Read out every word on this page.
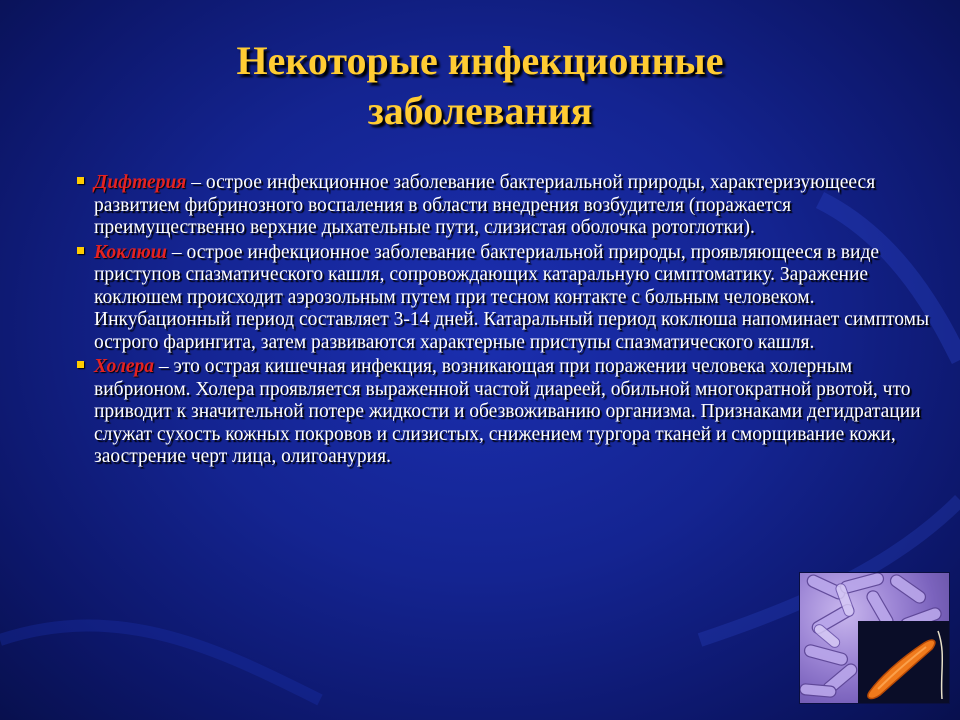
Некоторые инфекционные
заболевания
Дифтерия – острое инфекционное заболевание бактериальной природы, характеризующееся развитием фибринозного воспаления в области внедрения возбудителя (поражается преимущественно верхние дыхательные пути, слизистая оболочка ротоглотки).
Коклюш – острое инфекционное заболевание бактериальной природы, проявляющееся в виде приступов спазматического кашля, сопровождающих катаральную симптоматику. Заражение коклюшем происходит аэрозольным путем при тесном контакте с больным человеком. Инкубационный период составляет 3-14 дней. Катаральный период коклюша напоминает симптомы острого фарингита, затем развиваются характерные приступы спазматического кашля.
Холера – это острая кишечная инфекция, возникающая при поражении человека холерным вибрионом. Холера проявляется выраженной частой диареей, обильной многократной рвотой, что приводит к значительной потере жидкости и обезвоживанию организма. Признаками дегидратации служат сухость кожных покровов и слизистых, снижением тургора тканей и сморщивание кожи, заострение черт лица, олигоанурия.
